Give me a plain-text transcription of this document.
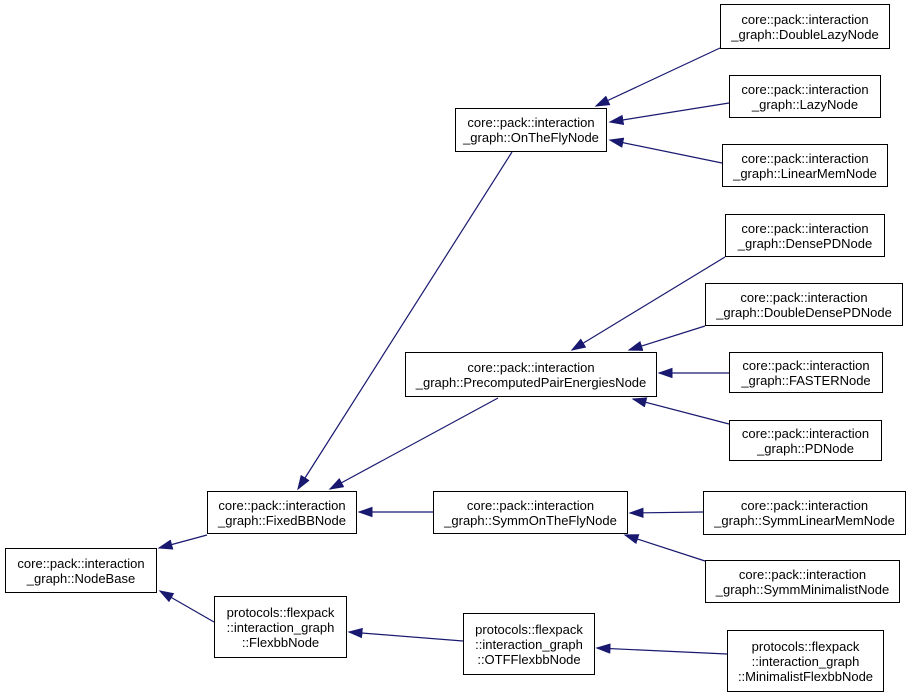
core::pack::interaction
_graph::NodeBase
core::pack::interaction
_graph::FixedBBNode
protocols::flexpack
::interaction_graph
::FlexbbNode
core::pack::interaction
_graph::OnTheFlyNode
core::pack::interaction
_graph::PrecomputedPairEnergiesNode
core::pack::interaction
_graph::SymmOnTheFlyNode
protocols::flexpack
::interaction_graph
::OTFFlexbbNode
core::pack::interaction
_graph::DoubleLazyNode
core::pack::interaction
_graph::LazyNode
core::pack::interaction
_graph::LinearMemNode
core::pack::interaction
_graph::DensePDNode
core::pack::interaction
_graph::DoubleDensePDNode
core::pack::interaction
_graph::FASTERNode
core::pack::interaction
_graph::PDNode
core::pack::interaction
_graph::SymmLinearMemNode
core::pack::interaction
_graph::SymmMinimalistNode
protocols::flexpack
::interaction_graph
::MinimalistFlexbbNode
